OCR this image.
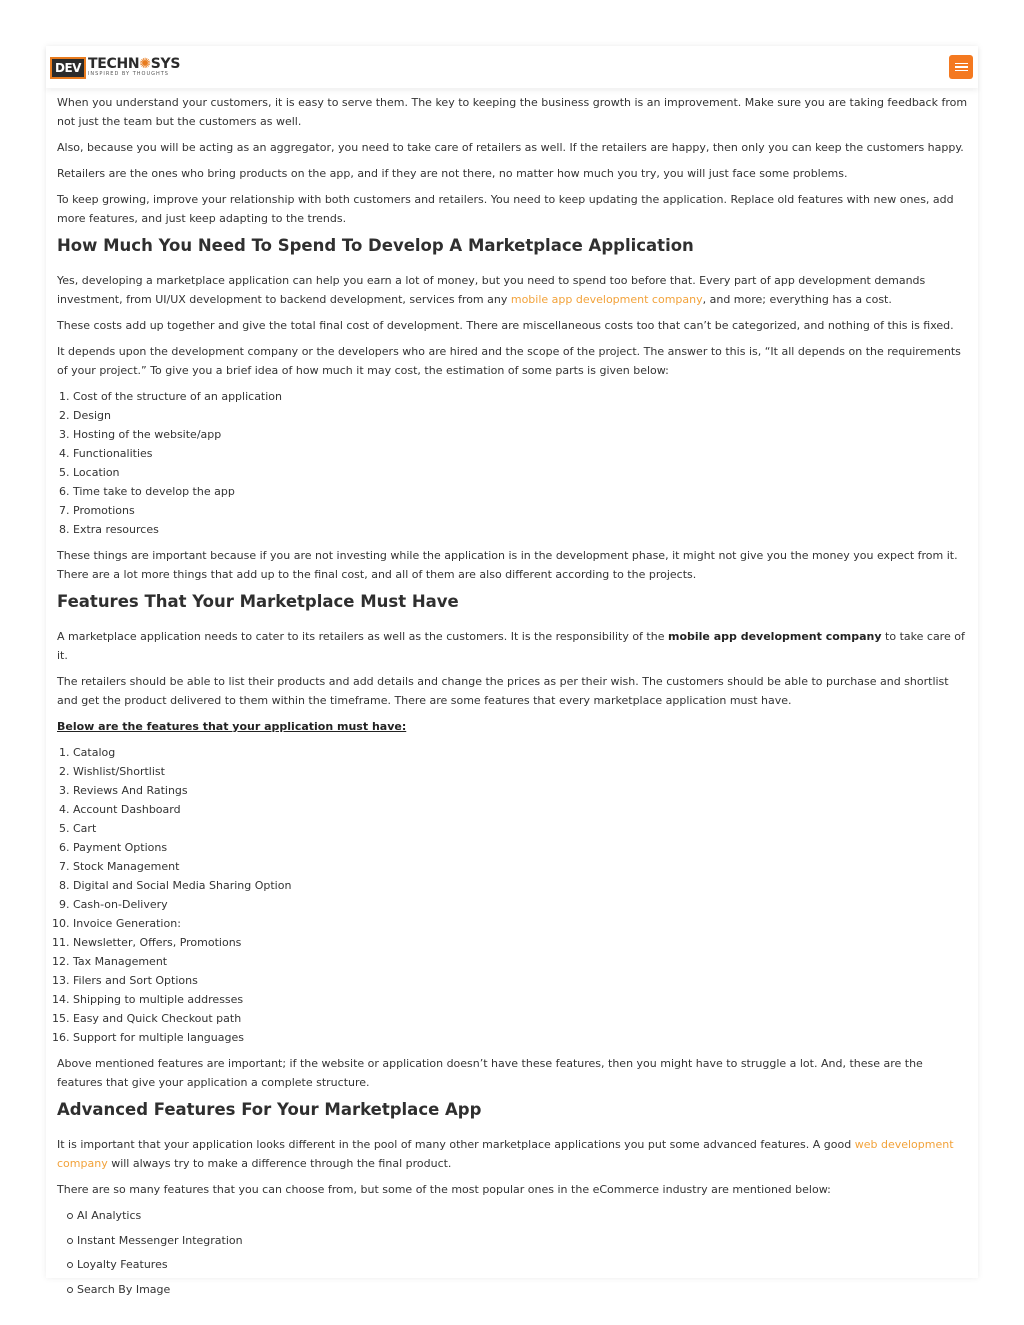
DEV TECHN✺SYS
INSPIRED BY THOUGHTS

When you understand your customers, it is easy to serve them. The key to keeping the business growth is an improvement. Make sure you are taking feedback from not just the team but the customers as well.

Also, because you will be acting as an aggregator, you need to take care of retailers as well. If the retailers are happy, then only you can keep the customers happy.

Retailers are the ones who bring products on the app, and if they are not there, no matter how much you try, you will just face some problems.

To keep growing, improve your relationship with both customers and retailers. You need to keep updating the application. Replace old features with new ones, add more features, and just keep adapting to the trends.

How Much You Need To Spend To Develop A Marketplace Application

Yes, developing a marketplace application can help you earn a lot of money, but you need to spend too before that. Every part of app development demands investment, from UI/UX development to backend development, services from any mobile app development company, and more; everything has a cost.

These costs add up together and give the total final cost of development. There are miscellaneous costs too that can’t be categorized, and nothing of this is fixed.

It depends upon the development company or the developers who are hired and the scope of the project. The answer to this is, “It all depends on the requirements of your project.” To give you a brief idea of how much it may cost, the estimation of some parts is given below:

1. Cost of the structure of an application
2. Design
3. Hosting of the website/app
4. Functionalities
5. Location
6. Time take to develop the app
7. Promotions
8. Extra resources

These things are important because if you are not investing while the application is in the development phase, it might not give you the money you expect from it. There are a lot more things that add up to the final cost, and all of them are also different according to the projects.

Features That Your Marketplace Must Have

A marketplace application needs to cater to its retailers as well as the customers. It is the responsibility of the mobile app development company to take care of it.

The retailers should be able to list their products and add details and change the prices as per their wish. The customers should be able to purchase and shortlist and get the product delivered to them within the timeframe. There are some features that every marketplace application must have.

Below are the features that your application must have:

1. Catalog
2. Wishlist/Shortlist
3. Reviews And Ratings
4. Account Dashboard
5. Cart
6. Payment Options
7. Stock Management
8. Digital and Social Media Sharing Option
9. Cash-on-Delivery
10. Invoice Generation:
11. Newsletter, Offers, Promotions
12. Tax Management
13. Filers and Sort Options
14. Shipping to multiple addresses
15. Easy and Quick Checkout path
16. Support for multiple languages

Above mentioned features are important; if the website or application doesn’t have these features, then you might have to struggle a lot. And, these are the features that give your application a complete structure.

Advanced Features For Your Marketplace App

It is important that your application looks different in the pool of many other marketplace applications you put some advanced features. A good web development company will always try to make a difference through the final product.

There are so many features that you can choose from, but some of the most popular ones in the eCommerce industry are mentioned below:

AI Analytics
Instant Messenger Integration
Loyalty Features
Search By Image
